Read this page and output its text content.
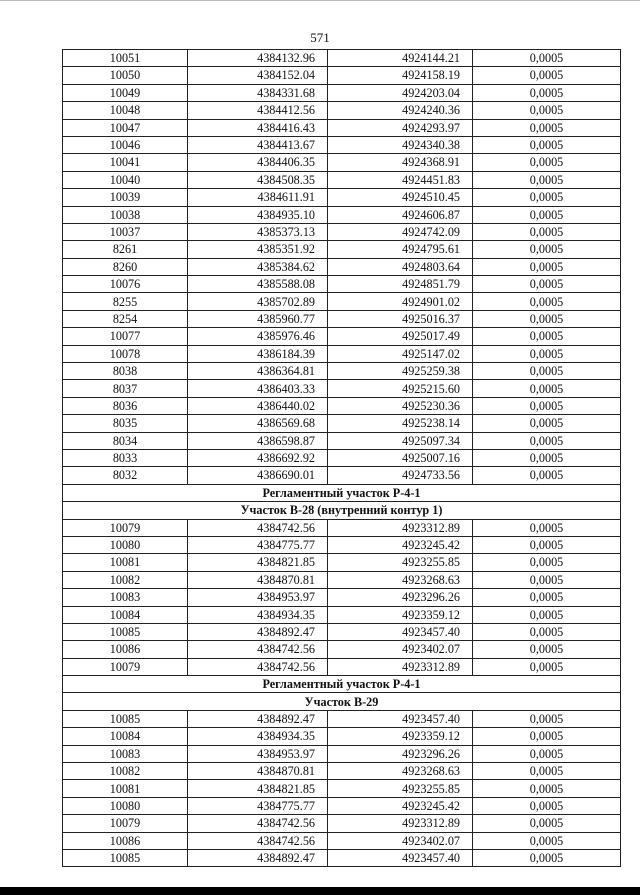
571
10051	4384132.96	4924144.21	0,0005
10050	4384152.04	4924158.19	0,0005
10049	4384331.68	4924203.04	0,0005
10048	4384412.56	4924240.36	0,0005
10047	4384416.43	4924293.97	0,0005
10046	4384413.67	4924340.38	0,0005
10041	4384406.35	4924368.91	0,0005
10040	4384508.35	4924451.83	0,0005
10039	4384611.91	4924510.45	0,0005
10038	4384935.10	4924606.87	0,0005
10037	4385373.13	4924742.09	0,0005
8261	4385351.92	4924795.61	0,0005
8260	4385384.62	4924803.64	0,0005
10076	4385588.08	4924851.79	0,0005
8255	4385702.89	4924901.02	0,0005
8254	4385960.77	4925016.37	0,0005
10077	4385976.46	4925017.49	0,0005
10078	4386184.39	4925147.02	0,0005
8038	4386364.81	4925259.38	0,0005
8037	4386403.33	4925215.60	0,0005
8036	4386440.02	4925230.36	0,0005
8035	4386569.68	4925238.14	0,0005
8034	4386598.87	4925097.34	0,0005
8033	4386692.92	4925007.16	0,0005
8032	4386690.01	4924733.56	0,0005
Регламентный участок Р-4-1			
Участок В-28 (внутренний контур 1)			
10079	4384742.56	4923312.89	0,0005
10080	4384775.77	4923245.42	0,0005
10081	4384821.85	4923255.85	0,0005
10082	4384870.81	4923268.63	0,0005
10083	4384953.97	4923296.26	0,0005
10084	4384934.35	4923359.12	0,0005
10085	4384892.47	4923457.40	0,0005
10086	4384742.56	4923402.07	0,0005
10079	4384742.56	4923312.89	0,0005
Регламентный участок Р-4-1			
Участок В-29			
10085	4384892.47	4923457.40	0,0005
10084	4384934.35	4923359.12	0,0005
10083	4384953.97	4923296.26	0,0005
10082	4384870.81	4923268.63	0,0005
10081	4384821.85	4923255.85	0,0005
10080	4384775.77	4923245.42	0,0005
10079	4384742.56	4923312.89	0,0005
10086	4384742.56	4923402.07	0,0005
10085	4384892.47	4923457.40	0,0005
